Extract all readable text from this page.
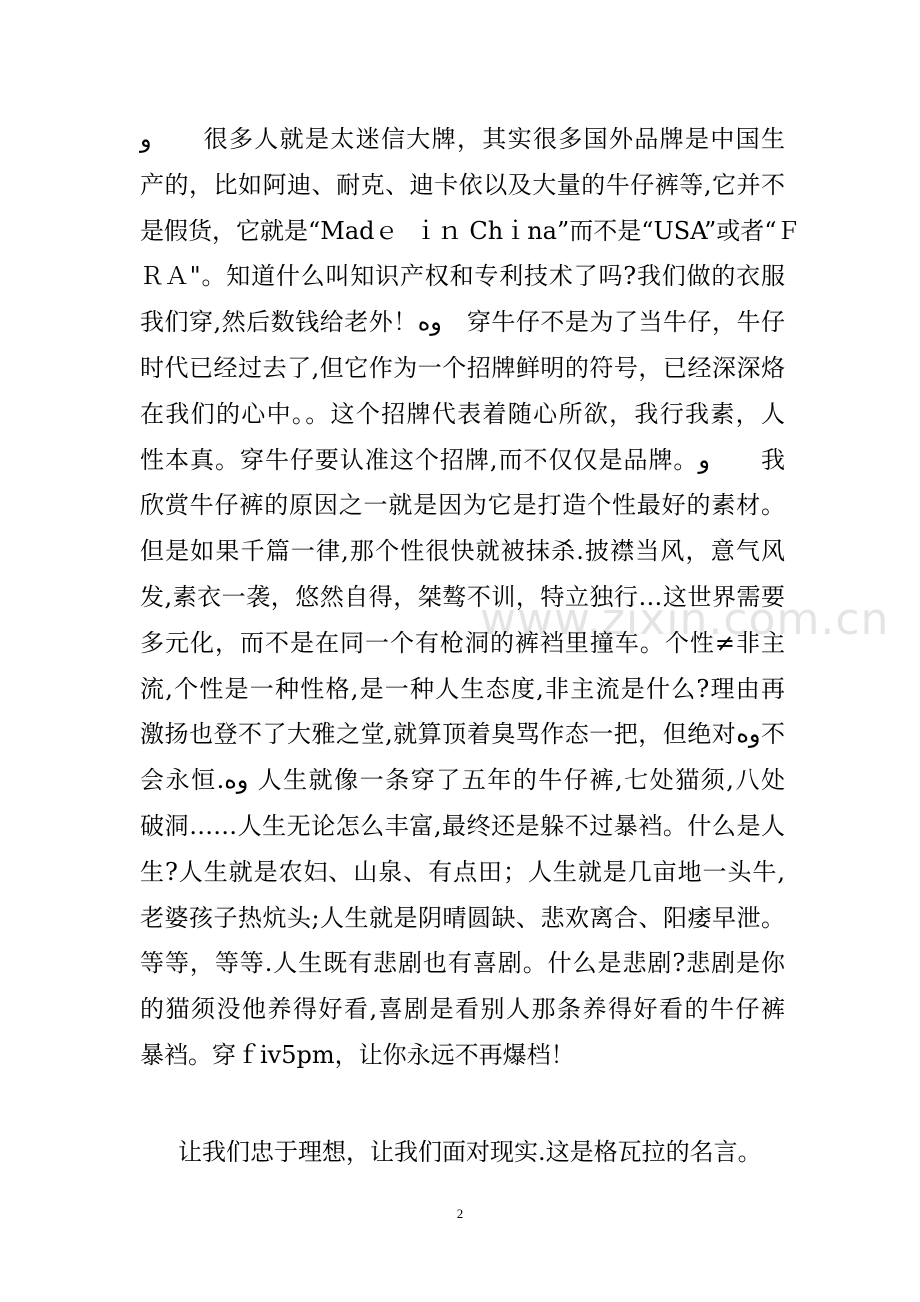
www.zixin.com.cn
و　　很多人就是太迷信大牌，其实很多国外品牌是中国生
产的，比如阿迪、耐克、迪卡依以及大量的牛仔裤等,它并不
是假货，它就是“Madｅ  ｉｎ Chｉna”而不是“USA”或者“Ｆ
ＲＡ"。知道什么叫知识产权和专利技术了吗?我们做的衣服
我们穿,然后数钱给老外！وه　穿牛仔不是为了当牛仔，牛仔
时代已经过去了,但它作为一个招牌鲜明的符号，已经深深烙
在我们的心中。。这个招牌代表着随心所欲，我行我素，人
性本真。穿牛仔要认准这个招牌,而不仅仅是品牌。و　　我
欣赏牛仔裤的原因之一就是因为它是打造个性最好的素材。
但是如果千篇一律,那个性很快就被抹杀.披襟当风，意气风
发,素衣一袭，悠然自得，桀骜不训，特立独行…这世界需要
多元化，而不是在同一个有枪洞的裤裆里撞车。个性≠非主
流,个性是一种性格,是一种人生态度,非主流是什么?理由再
激扬也登不了大雅之堂,就算顶着臭骂作态一把，但绝对وه不
会永恒.وه 人生就像一条穿了五年的牛仔裤,七处猫须,八处
破洞……人生无论怎么丰富,最终还是躲不过暴裆。什么是人
生?人生就是农妇、山泉、有点田；人生就是几亩地一头牛,
老婆孩子热炕头;人生就是阴晴圆缺、悲欢离合、阳痿早泄。
等等，等等.人生既有悲剧也有喜剧。什么是悲剧?悲剧是你
的猫须没他养得好看,喜剧是看别人那条养得好看的牛仔裤
暴裆。穿ｆiv5pm，让你永远不再爆档！
让我们忠于理想，让我们面对现实.这是格瓦拉的名言。
2
